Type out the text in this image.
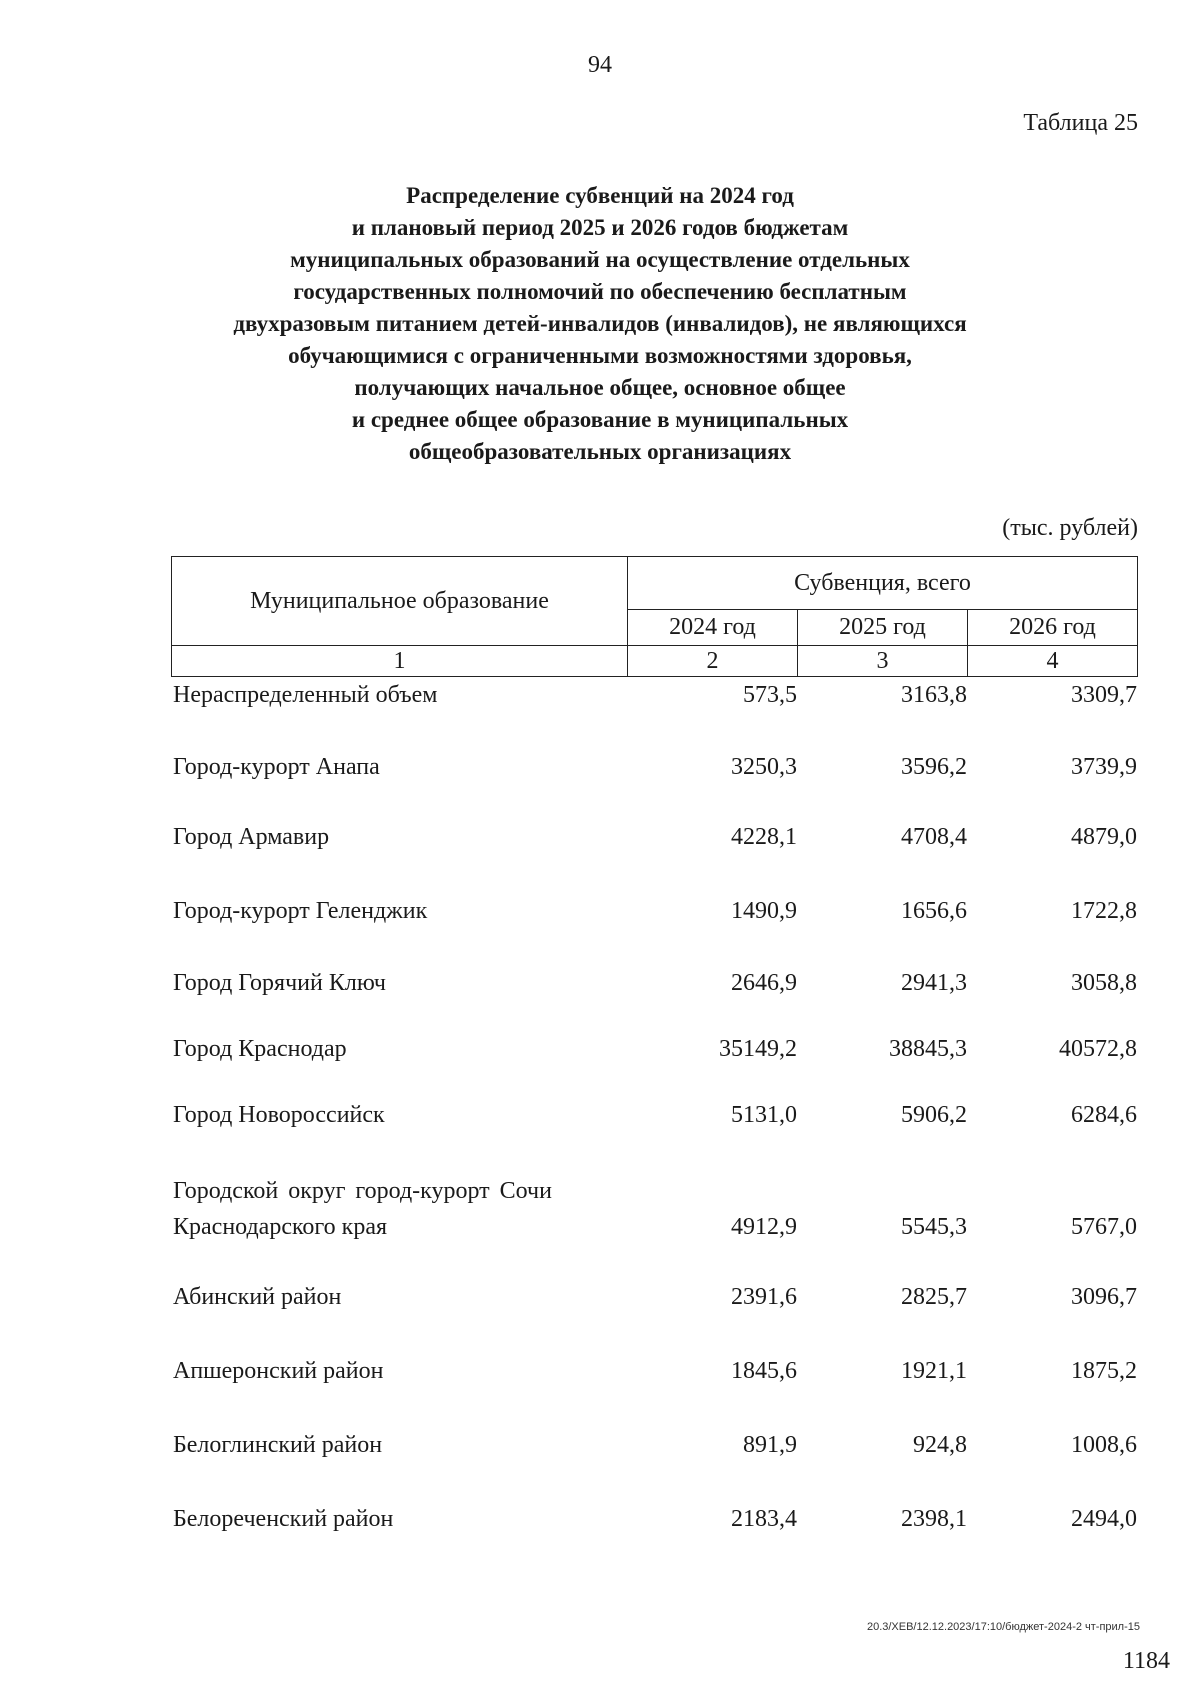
94
Таблица 25
Распределение субвенций на 2024 год
и плановый период 2025 и 2026 годов бюджетам
муниципальных образований на осуществление отдельных
государственных полномочий по обеспечению бесплатным
двухразовым питанием детей-инвалидов (инвалидов), не являющихся
обучающимися с ограниченными возможностями здоровья,
получающих начальное общее, основное общее
и среднее общее образование в муниципальных
общеобразовательных организациях
(тыс. рублей)
Муниципальное образование	Субвенция, всего		
	2024 год	2025 год	2026 год
1	2	3	4
Нераспределенный объем	573,5	3163,8	3309,7
Город-курорт Анапа	3250,3	3596,2	3739,9
Город Армавир	4228,1	4708,4	4879,0
Город-курорт Геленджик	1490,9	1656,6	1722,8
Город Горячий Ключ	2646,9	2941,3	3058,8
Город Краснодар	35149,2	38845,3	40572,8
Город Новороссийск	5131,0	5906,2	6284,6
Городской округ город-курорт Сочи
Краснодарского края	4912,9	5545,3	5767,0
Абинский район	2391,6	2825,7	3096,7
Апшеронский район	1845,6	1921,1	1875,2
Белоглинский район	891,9	924,8	1008,6
Белореченский район	2183,4	2398,1	2494,0
20.3/ХЕВ/12.12.2023/17:10/бюджет-2024-2 чт-прил-15
1184
